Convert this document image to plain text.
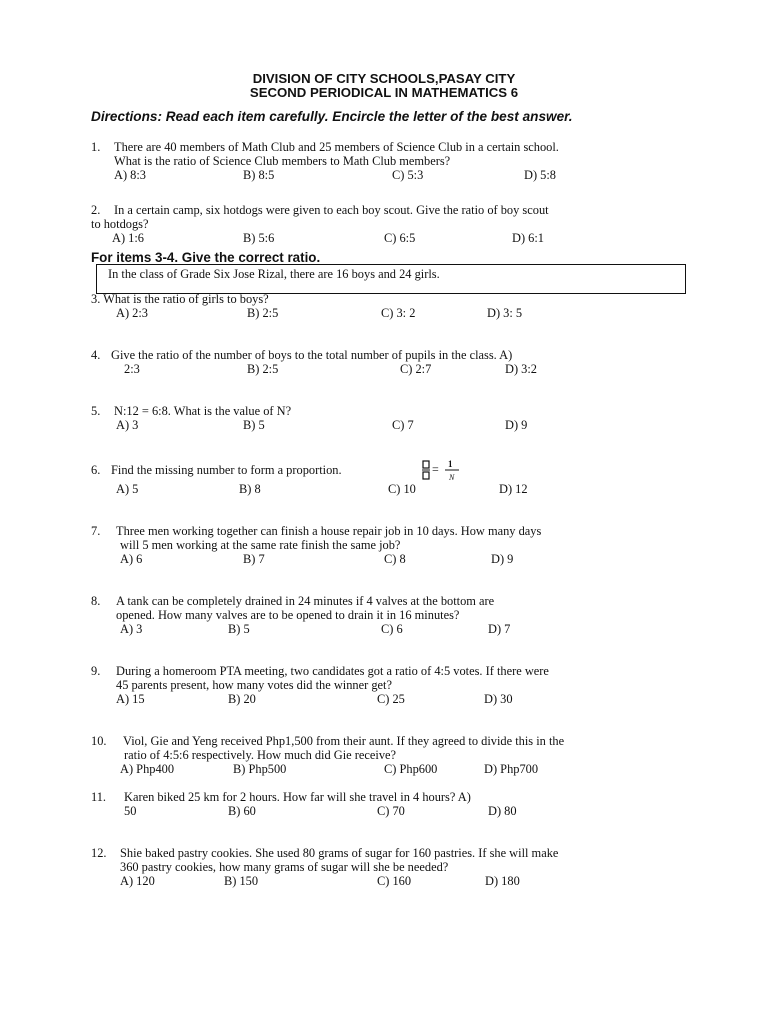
DIVISION OF CITY SCHOOLS,PASAY CITY
SECOND PERIODICAL IN MATHEMATICS 6
Directions: Read each item carefully. Encircle the letter of the best answer.
1. There are 40 members of Math Club and 25 members of Science Club in a certain school.
What is the ratio of Science Club members to Math Club members?
A) 8:3	B) 8:5	C) 5:3	D) 5:8
2. In a certain camp, six hotdogs were given to each boy scout. Give the ratio of boy scout
to hotdogs?
A) 1:6	B) 5:6	C) 6:5	D) 6:1
For items 3-4. Give the correct ratio.
In the class of Grade Six Jose Rizal, there are 16 boys and 24 girls.
3. What is the ratio of girls to boys?
A) 2:3	B) 2:5	C) 3: 2	D) 3: 5
4. Give the ratio of the number of boys to the total number of pupils in the class. A)
2:3	B) 2:5	C) 2:7	D) 3:2
5. N:12 = 6:8. What is the value of N?
A) 3	B) 5	C) 7	D) 9
6. Find the missing number to form a proportion.	= 1
N
A) 5	B) 8	C) 10	D) 12
7. Three men working together can finish a house repair job in 10 days. How many days
will 5 men working at the same rate finish the same job?
A) 6	B) 7	C) 8	D) 9
8. A tank can be completely drained in 24 minutes if 4 valves at the bottom are
opened. How many valves are to be opened to drain it in 16 minutes?
A) 3	B) 5	C) 6	D) 7
9. During a homeroom PTA meeting, two candidates got a ratio of 4:5 votes. If there were
45 parents present, how many votes did the winner get?
A) 15	B) 20	C) 25	D) 30
10. Viol, Gie and Yeng received Php1,500 from their aunt. If they agreed to divide this in the
ratio of 4:5:6 respectively. How much did Gie receive?
A) Php400	B) Php500	C) Php600	D) Php700
11. Karen biked 25 km for 2 hours. How far will she travel in 4 hours? A)
50	B) 60	C) 70	D) 80
12. Shie baked pastry cookies. She used 80 grams of sugar for 160 pastries. If she will make
360 pastry cookies, how many grams of sugar will she be needed?
A) 120	B) 150	C) 160	D) 180
